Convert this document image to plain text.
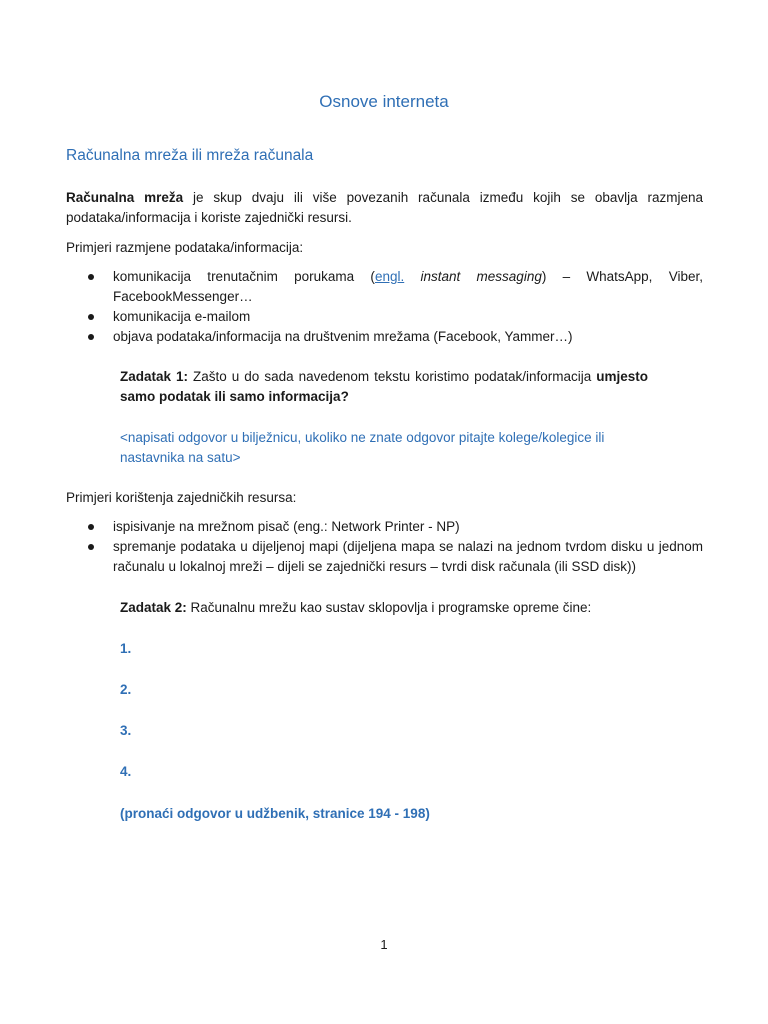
Osnove interneta
Računalna mreža ili mreža računala

Računalna mreža je skup dvaju ili više povezanih računala između kojih se obavlja razmjena podataka/informacija i koriste zajednički resursi.

Primjeri razmjene podataka/informacija:

komunikacija trenutačnim porukama (engl. instant messaging) – WhatsApp, Viber, FacebookMessenger…
komunikacija e-mailom
objava podataka/informacija na društvenim mrežama (Facebook, Yammer…)

Zadatak 1: Zašto u do sada navedenom tekstu koristimo podatak/informacija umjesto samo podatak ili samo informacija?

<napisati odgovor u bilježnicu, ukoliko ne znate odgovor pitajte kolege/kolegice ili nastavnika na satu>

Primjeri korištenja zajedničkih resursa:

ispisivanje na mrežnom pisač (eng.: Network Printer - NP)
spremanje podataka u dijeljenoj mapi (dijeljena mapa se nalazi na jednom tvrdom disku u jednom računalu u lokalnoj mreži – dijeli se zajednički resurs – tvrdi disk računala (ili SSD disk))

Zadatak 2: Računalnu mrežu kao sustav sklopovlja i programske opreme čine:

1.

2.

3.

4.

(pronaći odgovor u udžbenik, stranice 194 - 198)

1
